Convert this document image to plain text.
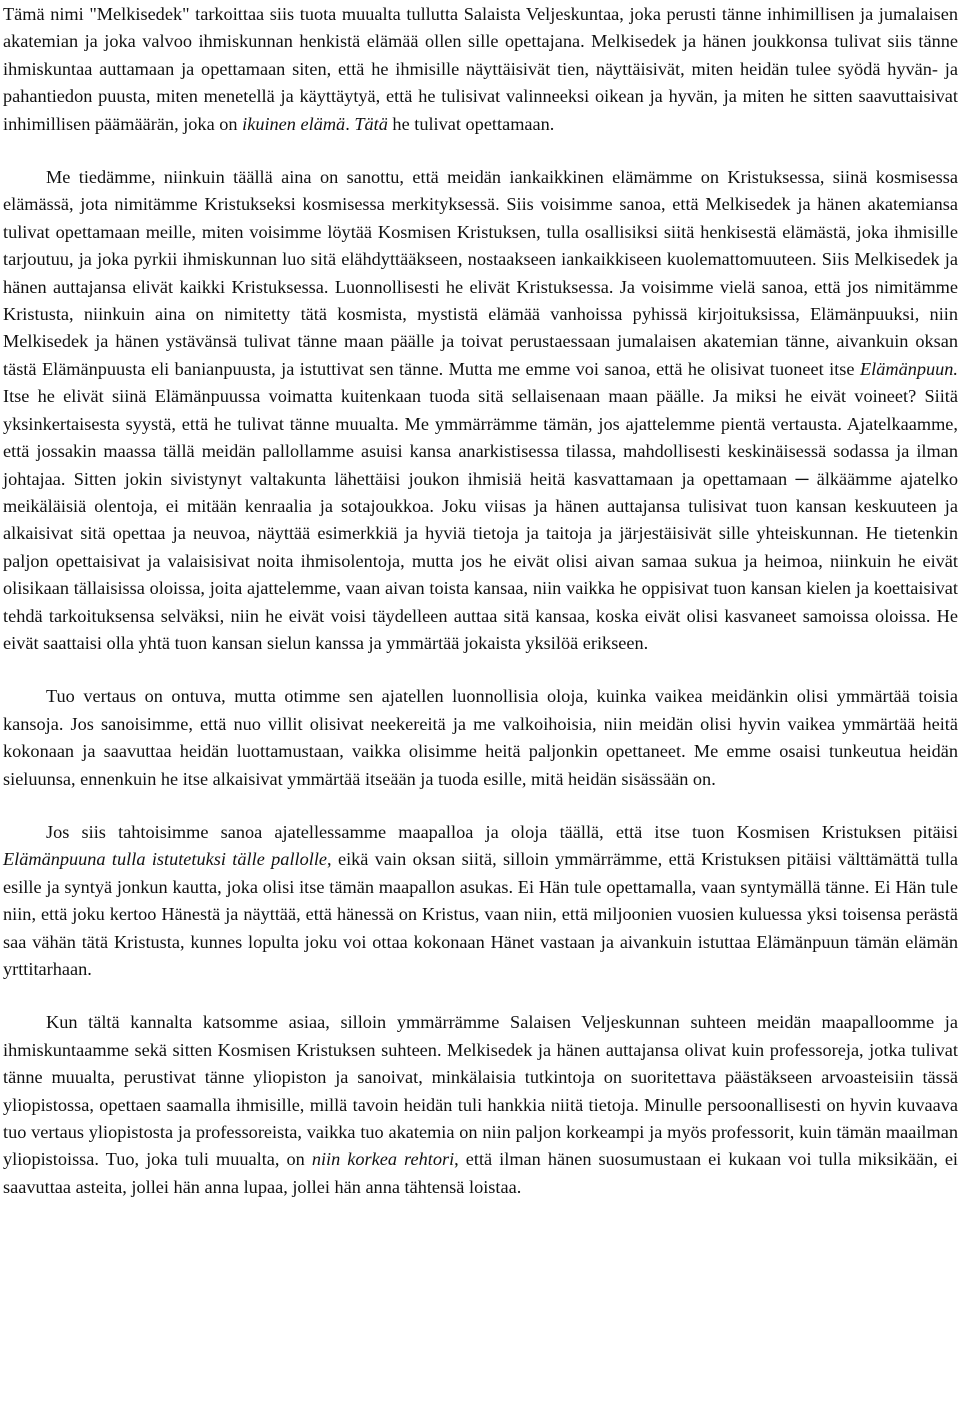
Tämä nimi "Melkisedek" tarkoittaa siis tuota muualta tullutta Salaista Veljeskuntaa, joka perusti tänne inhimillisen ja jumalaisen akatemian ja joka valvoo ihmiskunnan henkistä elämää ollen sille opettajana. Melkisedek ja hänen joukkonsa tulivat siis tänne ihmiskuntaa auttamaan ja opettamaan siten, että he ihmisille näyttäisivät tien, näyttäisivät, miten heidän tulee syödä hyvän- ja pahantiedon puusta, miten menetellä ja käyttäytyä, että he tulisivat valinneeksi oikean ja hyvän, ja miten he sitten saavuttaisivat inhimillisen päämäärän, joka on ikuinen elämä. Tätä he tulivat opettamaan.

Me tiedämme, niinkuin täällä aina on sanottu, että meidän iankaikkinen elämämme on Kristuksessa, siinä kosmisessa elämässä, jota nimitämme Kristukseksi kosmisessa merkityksessä. Siis voisimme sanoa, että Melkisedek ja hänen akatemiansa tulivat opettamaan meille, miten voisimme löytää Kosmisen Kristuksen, tulla osallisiksi siitä henkisestä elämästä, joka ihmisille tarjoutuu, ja joka pyrkii ihmiskunnan luo sitä elähdyttääkseen, nostaakseen iankaikkiseen kuolemattomuuteen. Siis Melkisedek ja hänen auttajansa elivät kaikki Kristuksessa. Luonnollisesti he elivät Kristuksessa. Ja voisimme vielä sanoa, että jos nimitämme Kristusta, niinkuin aina on nimitetty tätä kosmista, mystistä elämää vanhoissa pyhissä kirjoituksissa, Elämänpuuksi, niin Melkisedek ja hänen ystävänsä tulivat tänne maan päälle ja toivat perustaessaan jumalaisen akatemian tänne, aivankuin oksan tästä Elämänpuusta eli banianpuusta, ja istuttivat sen tänne. Mutta me emme voi sanoa, että he olisivat tuoneet itse Elämänpuun. Itse he elivät siinä Elämänpuussa voimatta kuitenkaan tuoda sitä sellaisenaan maan päälle. Ja miksi he eivät voineet? Siitä yksinkertaisesta syystä, että he tulivat tänne muualta. Me ymmärrämme tämän, jos ajattelemme pientä vertausta. Ajatelkaamme, että jossakin maassa tällä meidän pallollamme asuisi kansa anarkistisessa tilassa, mahdollisesti keskinäisessä sodassa ja ilman johtajaa. Sitten jokin sivistynyt valtakunta lähettäisi joukon ihmisiä heitä kasvattamaan ja opettamaan ─ älkäämme ajatelko meikäläisiä olentoja, ei mitään kenraalia ja sotajoukkoa. Joku viisas ja hänen auttajansa tulisivat tuon kansan keskuuteen ja alkaisivat sitä opettaa ja neuvoa, näyttää esimerkkiä ja hyviä tietoja ja taitoja ja järjestäisivät sille yhteiskunnan. He tietenkin paljon opettaisivat ja valaisisivat noita ihmisolentoja, mutta jos he eivät olisi aivan samaa sukua ja heimoa, niinkuin he eivät olisikaan tällaisissa oloissa, joita ajattelemme, vaan aivan toista kansaa, niin vaikka he oppisivat tuon kansan kielen ja koettaisivat tehdä tarkoituksensa selväksi, niin he eivät voisi täydelleen auttaa sitä kansaa, koska eivät olisi kasvaneet samoissa oloissa. He eivät saattaisi olla yhtä tuon kansan sielun kanssa ja ymmärtää jokaista yksilöä erikseen.

Tuo vertaus on ontuva, mutta otimme sen ajatellen luonnollisia oloja, kuinka vaikea meidänkin olisi ymmärtää toisia kansoja. Jos sanoisimme, että nuo villit olisivat neekereitä ja me valkoihoisia, niin meidän olisi hyvin vaikea ymmärtää heitä kokonaan ja saavuttaa heidän luottamustaan, vaikka olisimme heitä paljonkin opettaneet. Me emme osaisi tunkeutua heidän sieluunsa, ennenkuin he itse alkaisivat ymmärtää itseään ja tuoda esille, mitä heidän sisässään on.

Jos siis tahtoisimme sanoa ajatellessamme maapalloa ja oloja täällä, että itse tuon Kosmisen Kristuksen pitäisi Elämänpuuna tulla istutetuksi tälle pallolle, eikä vain oksan siitä, silloin ymmärrämme, että Kristuksen pitäisi välttämättä tulla esille ja syntyä jonkun kautta, joka olisi itse tämän maapallon asukas. Ei Hän tule opettamalla, vaan syntymällä tänne. Ei Hän tule niin, että joku kertoo Hänestä ja näyttää, että hänessä on Kristus, vaan niin, että miljoonien vuosien kuluessa yksi toisensa perästä saa vähän tätä Kristusta, kunnes lopulta joku voi ottaa kokonaan Hänet vastaan ja aivankuin istuttaa Elämänpuun tämän elämän yrttitarhaan.

Kun tältä kannalta katsomme asiaa, silloin ymmärrämme Salaisen Veljeskunnan suhteen meidän maapalloomme ja ihmiskuntaamme sekä sitten Kosmisen Kristuksen suhteen. Melkisedek ja hänen auttajansa olivat kuin professoreja, jotka tulivat tänne muualta, perustivat tänne yliopiston ja sanoivat, minkälaisia tutkintoja on suoritettava päästäkseen arvoasteisiin tässä yliopistossa, opettaen saamalla ihmisille, millä tavoin heidän tuli hankkia niitä tietoja. Minulle persoonallisesti on hyvin kuvaava tuo vertaus yliopistosta ja professoreista, vaikka tuo akatemia on niin paljon korkeampi ja myös professorit, kuin tämän maailman yliopistoissa. Tuo, joka tuli muualta, on niin korkea rehtori, että ilman hänen suosumustaan ei kukaan voi tulla miksikään, ei saavuttaa asteita, jollei hän anna lupaa, jollei hän anna tähtensä loistaa.
